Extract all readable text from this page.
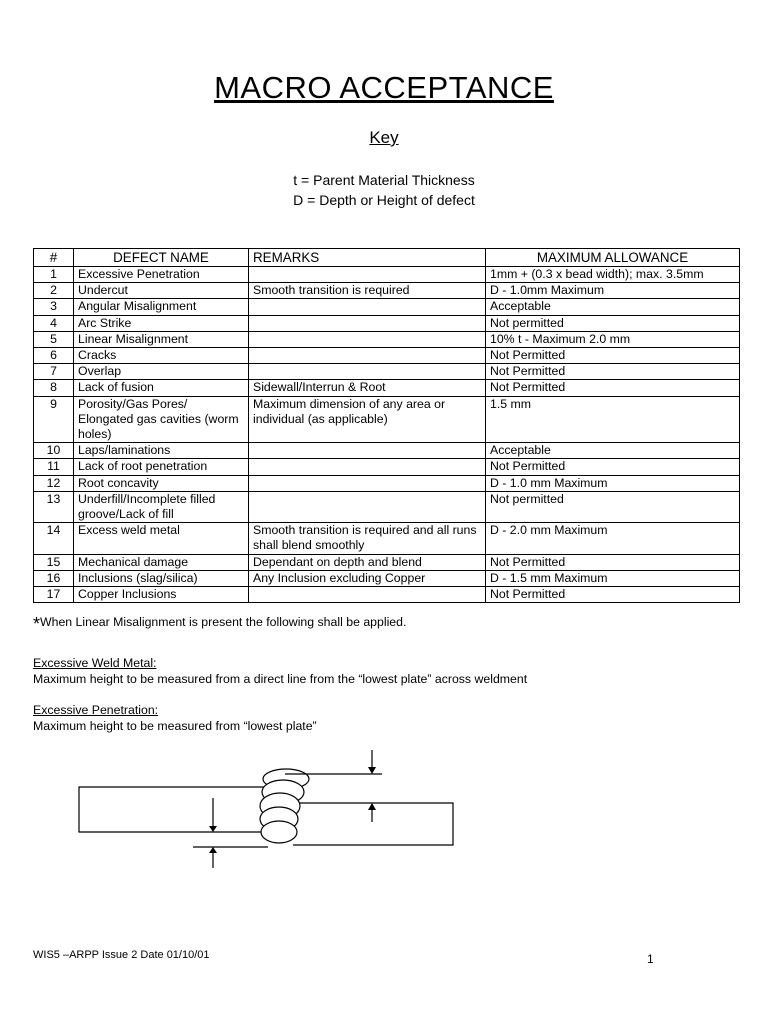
MACRO ACCEPTANCE
Key
t = Parent Material Thickness
D = Depth or Height of defect
#	DEFECT NAME	REMARKS	MAXIMUM ALLOWANCE
1	Excessive Penetration		1mm + (0.3 x bead width); max. 3.5mm
2	Undercut	Smooth transition is required	D - 1.0mm Maximum
3	Angular Misalignment		Acceptable
4	Arc Strike		Not permitted
5	Linear Misalignment		10% t - Maximum 2.0 mm
6	Cracks		Not Permitted
7	Overlap		Not Permitted
8	Lack of fusion	Sidewall/Interrun & Root	Not Permitted
9	Porosity/Gas Pores/ Elongated gas cavities (worm holes)	Maximum dimension of any area or individual (as applicable)	1.5 mm
10	Laps/laminations		Acceptable
11	Lack of root penetration		Not Permitted
12	Root concavity		D - 1.0 mm Maximum
13	Underfill/Incomplete filled groove/Lack of fill		Not permitted
14	Excess weld metal	Smooth transition is required and all runs shall blend smoothly	D - 2.0 mm Maximum
15	Mechanical damage	Dependant on depth and blend	Not Permitted
16	Inclusions (slag/silica)	Any Inclusion excluding Copper	D - 1.5 mm Maximum
17	Copper Inclusions		Not Permitted
*When Linear Misalignment is present the following shall be applied.
Excessive Weld Metal:
Maximum height to be measured from a direct line from the “lowest plate” across weldment
Excessive Penetration:
Maximum height to be measured from “lowest plate”
WIS5 –ARPP Issue 2 Date 01/10/01	1
